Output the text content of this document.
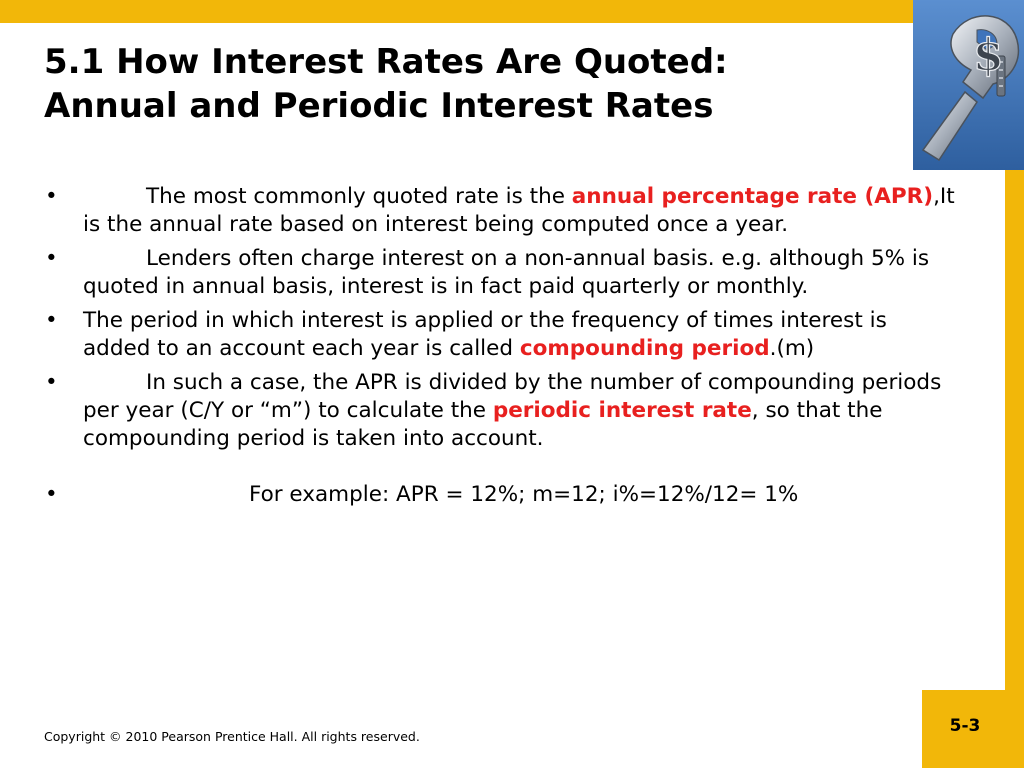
$
5.1 How Interest Rates Are Quoted:
Annual and Periodic Interest Rates
•	The most commonly quoted rate is the annual percentage rate (APR),It is the annual rate based on interest being computed once a year.
•	Lenders often charge interest on a non-annual basis. e.g. although 5% is quoted in annual basis, interest is in fact paid quarterly or monthly.
• The period in which interest is applied or the frequency of times interest is added to an account each year is called compounding period.(m)
•	In such a case, the APR is divided by the number of compounding periods per year (C/Y or “m”) to calculate the periodic interest rate, so that the compounding period is taken into account.
•	For example: APR = 12%; m=12; i%=12%/12= 1%
Copyright © 2010 Pearson Prentice Hall. All rights reserved.
5-3
